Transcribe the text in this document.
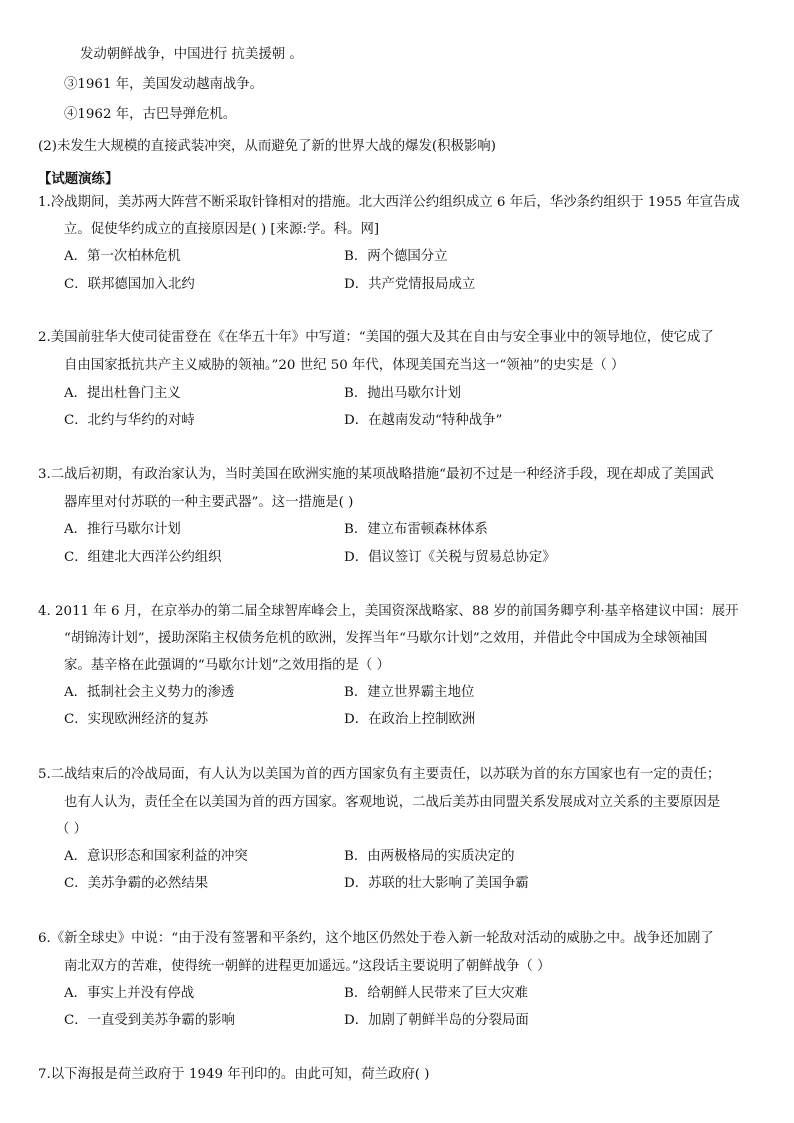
发动朝鲜战争，中国进行 抗美援朝 。
③1961 年，美国发动越南战争。
④1962 年，古巴导弹危机。
(2)未发生大规模的直接武装冲突，从而避免了新的世界大战的爆发(积极影响)
【试题演练】
1.冷战期间，美苏两大阵营不断采取针锋相对的措施。北大西洋公约组织成立 6 年后，华沙条约组织于 1955 年宣告成
立。促使华约成立的直接原因是( ) [来源:学。科。网]
A．第一次柏林危机	B．两个德国分立
C．联邦德国加入北约	D．共产党情报局成立
2.美国前驻华大使司徒雷登在《在华五十年》中写道：“美国的强大及其在自由与安全事业中的领导地位，使它成了
自由国家抵抗共产主义威胁的领袖。”20 世纪 50 年代，体现美国充当这一“领袖”的史实是（ ）
A．提出杜鲁门主义	B．抛出马歇尔计划
C．北约与华约的对峙	D．在越南发动“特种战争”
3.二战后初期，有政治家认为，当时美国在欧洲实施的某项战略措施“最初不过是一种经济手段，现在却成了美国武
器库里对付苏联的一种主要武器”。这一措施是( )
A．推行马歇尔计划	B．建立布雷顿森林体系
C．组建北大西洋公约组织	D．倡议签订《关税与贸易总协定》
4. 2011 年 6 月，在京举办的第二届全球智库峰会上，美国资深战略家、88 岁的前国务卿亨利·基辛格建议中国：展开
“胡锦涛计划”，援助深陷主权债务危机的欧洲，发挥当年“马歇尔计划”之效用，并借此令中国成为全球领袖国
家。基辛格在此强调的“马歇尔计划”之效用指的是（ ）
A．抵制社会主义势力的渗透	B．建立世界霸主地位
C．实现欧洲经济的复苏	D．在政治上控制欧洲
5.二战结束后的冷战局面，有人认为以美国为首的西方国家负有主要责任，以苏联为首的东方国家也有一定的责任；
也有人认为，责任全在以美国为首的西方国家。客观地说，二战后美苏由同盟关系发展成对立关系的主要原因是
（ ）
A．意识形态和国家利益的冲突	B．由两极格局的实质决定的
C．美苏争霸的必然结果	D．苏联的壮大影响了美国争霸
6.《新全球史》中说：“由于没有签署和平条约，这个地区仍然处于卷入新一轮敌对活动的威胁之中。战争还加剧了
南北双方的苦难，使得统一朝鲜的进程更加遥远。”这段话主要说明了朝鲜战争（ ）
A．事实上并没有停战	B．给朝鲜人民带来了巨大灾难
C．一直受到美苏争霸的影响	D．加剧了朝鲜半岛的分裂局面
7.以下海报是荷兰政府于 1949 年刊印的。由此可知，荷兰政府( )
